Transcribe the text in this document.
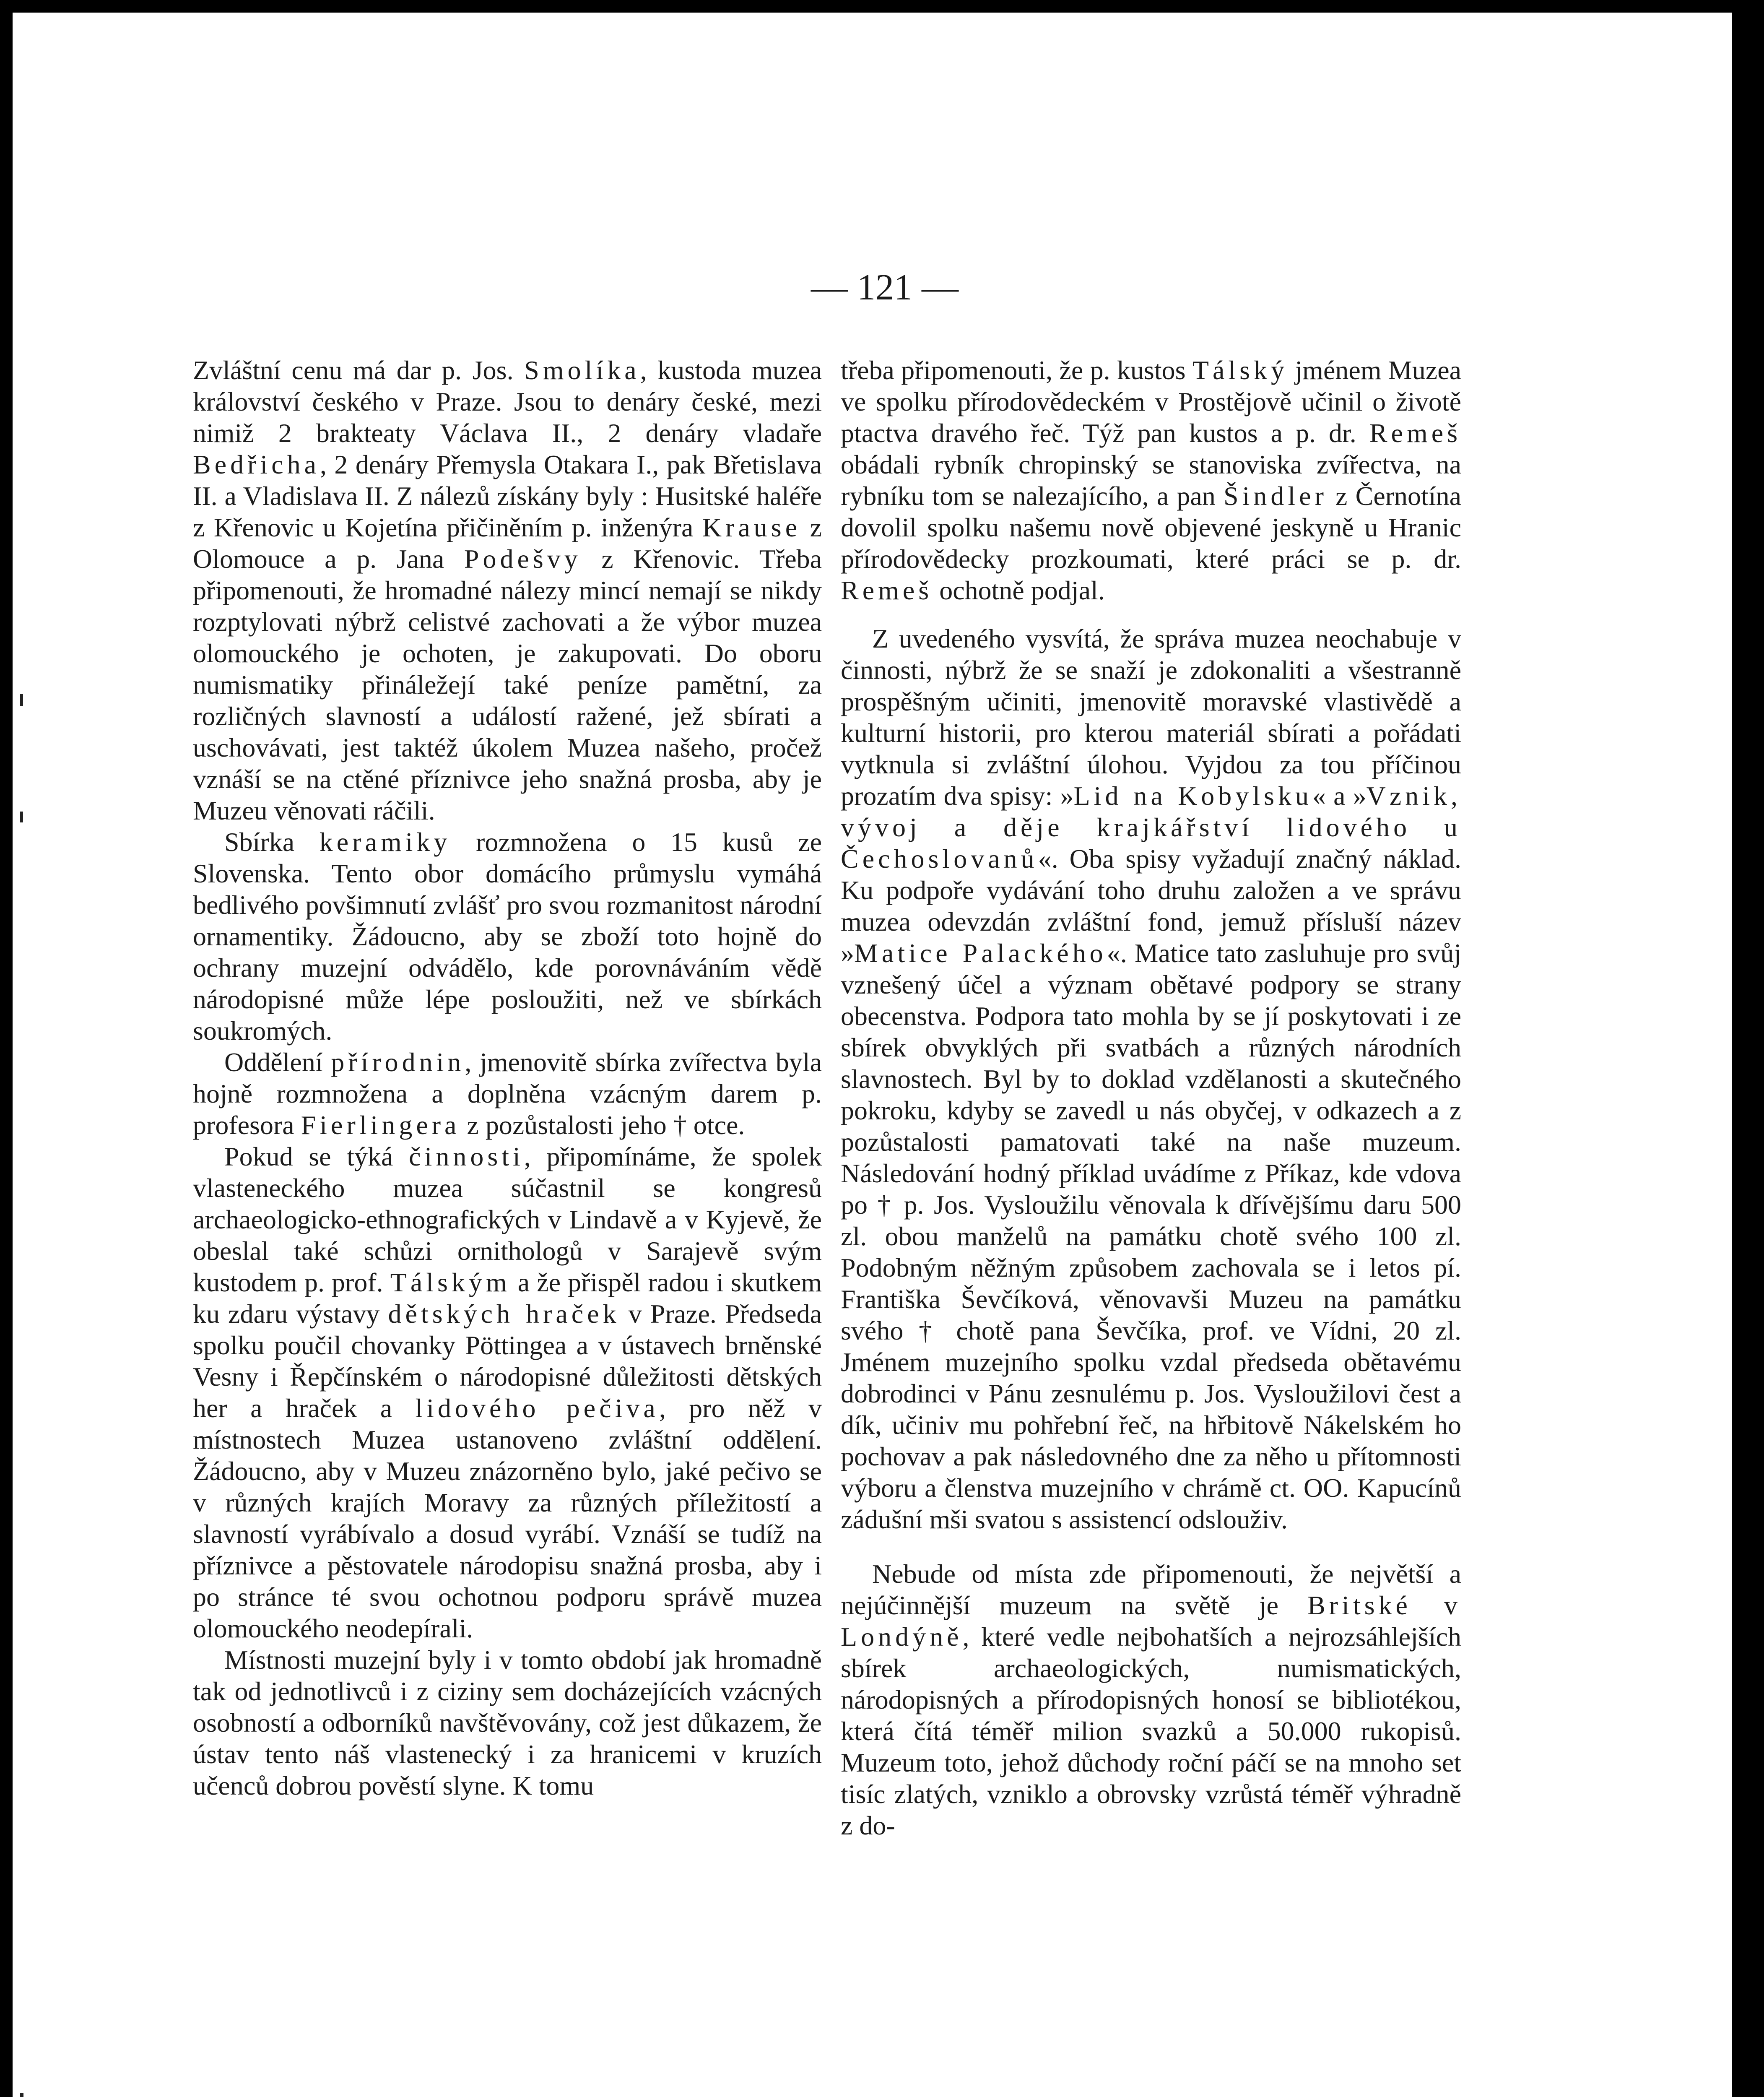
— 121 —

Zvláštní cenu má dar p. Jos. Smolíka, kustoda muzea království českého v Praze. Jsou to denáry české, mezi nimiž 2 brakteaty Václava II., 2 denáry vladaře Bedřicha, 2 denáry Přemysla Otakara I., pak Břetislava II. a Vladislava II. Z nálezů získány byly : Husitské haléře z Křenovic u Kojetína přičiněním p. inženýra Krause z Olomouce a p. Jana Podešvy z Křenovic. Třeba připomenouti, že hromadné nálezy mincí nemají se nikdy rozptylovati nýbrž celistvé zachovati a že výbor muzea olomouckého je ochoten, je zakupovati. Do oboru numismatiky přináležejí také peníze pamětní, za rozličných slavností a událostí ražené, jež sbírati a uschovávati, jest taktéž úkolem Muzea našeho, pročež vznáší se na ctěné příznivce jeho snažná prosba, aby je Muzeu věnovati ráčili.

Sbírka keramiky rozmnožena o 15 kusů ze Slovenska. Tento obor domácího průmyslu vymáhá bedlivého povšimnutí zvlášť pro svou rozmanitost národní ornamentiky. Žádoucno, aby se zboží toto hojně do ochrany muzejní odvádělo, kde porovnáváním vědě národopisné může lépe posloužiti, než ve sbírkách soukromých.

Oddělení přírodnin, jmenovitě sbírka zvířectva byla hojně rozmnožena a doplněna vzácným darem p. profesora Fierlingera z pozůstalosti jeho † otce.

Pokud se týká činnosti, připomínáme, že spolek vlasteneckého muzea súčastnil se kongresů archaeologicko-ethnografických v Lindavě a v Kyjevě, že obeslal také schůzi ornithologů v Sarajevě svým kustodem p. prof. Tálským a že přispěl radou i skutkem ku zdaru výstavy dětských hraček v Praze. Předseda spolku poučil chovanky Pöttingea a v ústavech brněnské Vesny i Řepčínském o národopisné důležitosti dětských her a hraček a lidového pečiva, pro něž v místnostech Muzea ustanoveno zvláštní oddělení. Žádoucno, aby v Muzeu znázorněno bylo, jaké pečivo se v různých krajích Moravy za různých příležitostí a slavností vyrábívalo a dosud vyrábí. Vznáší se tudíž na příznivce a pěstovatele národopisu snažná prosba, aby i po stránce té svou ochotnou podporu správě muzea olomouckého neodepírali.

Místnosti muzejní byly i v tomto období jak hromadně tak od jednotlivců i z ciziny sem docházejících vzácných osobností a odborníků navštěvovány, což jest důkazem, že ústav tento náš vlastenecký i za hranicemi v kruzích učenců dobrou pověstí slyne. K tomu

třeba připomenouti, že p. kustos Tálský jménem Muzea ve spolku přírodovědeckém v Prostějově učinil o životě ptactva dravého řeč. Týž pan kustos a p. dr. Remeš obádali rybník chropinský se stanoviska zvířectva, na rybníku tom se nalezajícího, a pan Šindler z Černotína dovolil spolku našemu nově objevené jeskyně u Hranic přírodovědecky prozkoumati, které práci se p. dr. Remeš ochotně podjal.

Z uvedeného vysvítá, že správa muzea neochabuje v činnosti, nýbrž že se snaží je zdokonaliti a všestranně prospěšným učiniti, jmenovitě moravské vlastivědě a kulturní historii, pro kterou materiál sbírati a pořádati vytknula si zvláštní úlohou. Vyjdou za tou příčinou prozatím dva spisy: »Lid na Kobylsku« a »Vznik, vývoj a děje krajkářství lidového u Čechoslovanů«. Oba spisy vyžadují značný náklad. Ku podpoře vydávání toho druhu založen a ve správu muzea odevzdán zvláštní fond, jemuž přísluší název »Matice Palackého«. Matice tato zasluhuje pro svůj vznešený účel a význam obětavé podpory se strany obecenstva. Podpora tato mohla by se jí poskytovati i ze sbírek obvyklých při svatbách a různých národních slavnostech. Byl by to doklad vzdělanosti a skutečného pokroku, kdyby se zavedl u nás obyčej, v odkazech a z pozůstalosti pamatovati také na naše muzeum. Následování hodný příklad uvádíme z Příkaz, kde vdova po † p. Jos. Vysloužilu věnovala k dřívějšímu daru 500 zl. obou manželů na památku chotě svého 100 zl. Podobným něžným způsobem zachovala se i letos pí. Františka Ševčíková, věnovavši Muzeu na památku svého † chotě pana Ševčíka, prof. ve Vídni, 20 zl. Jménem muzejního spolku vzdal předseda obětavému dobrodinci v Pánu zesnulému p. Jos. Vysloužilovi čest a dík, učiniv mu pohřební řeč, na hřbitově Nákelském ho pochovav a pak následovného dne za něho u přítomnosti výboru a členstva muzejního v chrámě ct. OO. Kapucínů zádušní mši svatou s assistencí odslouživ.

Nebude od místa zde připomenouti, že největší a nejúčinnější muzeum na světě je Britské v Londýně, které vedle nejbohatších a nejrozsáhlejších sbírek archaeologických, numismatických, národopisných a přírodopisných honosí se bibliotékou, která čítá téměř milion svazků a 50.000 rukopisů. Muzeum toto, jehož důchody roční páčí se na mnoho set tisíc zlatých, vzniklo a obrovsky vzrůstá téměř výhradně z do-
